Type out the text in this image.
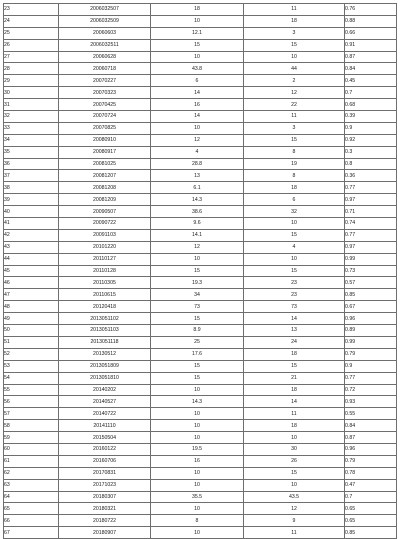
23	2006032507	18	11	0.76
24	2006032509	10	18	0.88
25	20060603	12.1	3	0.66
26	2006032511	15	15	0.91
27	20060628	10	10	0.87
28	20060718	43.8	44	0.84
29	20070227	6	2	0.45
30	20070323	14	12	0.7
31	20070425	16	22	0.68
32	20070724	14	11	0.39
33	20070825	10	3	0.9
34	20080910	12	15	0.92
35	20080917	4	8	0.3
36	20081025	28.8	19	0.8
37	20081207	13	8	0.36
38	20081208	6.1	18	0.77
39	20081209	14.3	6	0.97
40	20090507	38.6	32	0.71
41	20090722	9.6	10	0.74
42	20091103	14.1	15	0.77
43	20101220	12	4	0.97
44	20110127	10	10	0.99
45	20110128	15	15	0.73
46	20110305	19.3	23	0.57
47	20110615	34	23	0.85
48	20120418	73	73	0.67
49	2013051102	15	14	0.96
50	2013051103	8.9	13	0.89
51	2013051118	25	24	0.99
52	20130512	17.6	18	0.79
53	2013051809	15	15	0.9
54	2013051810	15	21	0.77
55	20140202	10	18	0.72
56	20140527	14.3	14	0.93
57	20140722	10	11	0.55
58	20141110	10	18	0.84
59	20150504	10	10	0.87
60	20160122	19.5	30	0.96
61	20160706	16	26	0.79
62	20170831	10	15	0.78
63	20171023	10	10	0.47
64	20180307	35.5	43.5	0.7
65	20180321	10	12	0.65
66	20180722	8	9	0.65
67	20180907	10	11	0.85
